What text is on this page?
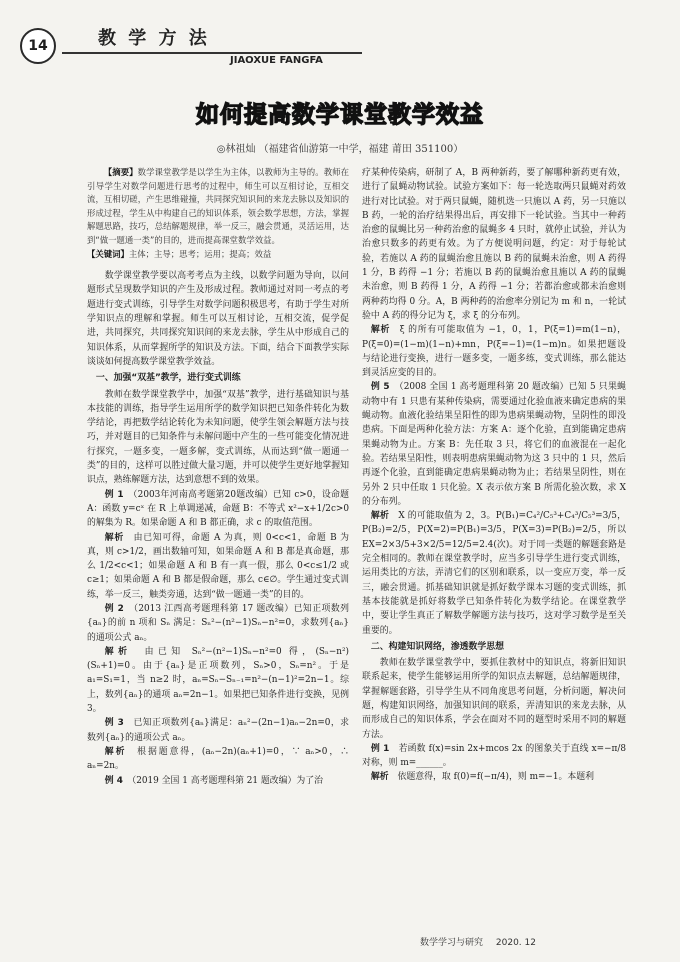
14	教 学 方 法
JIAOXUE FANGFA
如何提高数学课堂教学效益
◎林祖灿 （福建省仙游第一中学，福建 莆田 351100）

【摘要】数学课堂教学是以学生为主体，以教师为主导的。教师在引导学生对数学问题进行思考的过程中，师生可以互相讨论，互相交流，互相切磋，产生思维碰撞，共同探究知识间的来龙去脉以及知识的形成过程，学生从中构建自己的知识体系，领会数学思想，方法，掌握解题思路，技巧，总结解题规律，举一反三，融会贯通，灵活运用，达到“做一题通一类”的目的，进而提高课堂数学效益。

【关键词】主体；主导；思考；运用；提高；效益

数学课堂教学要以高考考点为主线，以数学问题为导向，以问题形式呈现数学知识的产生及形成过程。教师通过对同一考点的考题进行变式训练，引导学生对数学问题积极思考，有助于学生对所学知识点的理解和掌握。师生可以互相讨论，互相交流，促学促进，共同探究，共同探究知识间的来龙去脉，学生从中形成自己的知识体系，从而掌握所学的知识及方法。下面，结合下面教学实际谈谈如何提高数学课堂教学效益。

一、加强“双基”教学，进行变式训练

教师在数学课堂教学中，加强“双基”教学，进行基础知识与基本技能的训练，指导学生运用所学的数学知识把已知条件转化为数学结论，再把数学结论转化为未知问题，使学生领会解题方法与技巧，并对题目的已知条件与未解问题中产生的一些可能变化情况进行探究，一题多变，一题多解，变式训练，从而达到“做一题通一类”的目的，这样可以胜过做大量习题，并可以使学生更好地掌握知识点，熟练解题方法，达到意想不到的效果。

例 1　 （2003年河南高考题第20题改编）已知 c>0，设命题 A：函数 y=cˣ 在 R 上单调递减，命题 B：不等式 x²−x+1/2c>0 的解集为 R。如果命题 A 和 B 都正确，求 c 的取值范围。

解析　 由已知可得，命题 A 为真，则 0<c<1，命题 B 为真，则 c>1/2，画出数轴可知，如果命题 A 和 B 都是真命题，那么 1/2<c<1；如果命题 A 和 B 有一真一假，那么 0<c≤1/2 或 c≥1；如果命题 A 和 B 都是假命题，那么 c∈∅。学生通过变式训练，举一反三，触类旁通，达到“做一题通一类”的目的。

例 2　 （2013 江西高考题理科第 17 题改编）已知正项数列{aₙ}的前 n 项和 Sₙ 满足：Sₙ²−(n²−1)Sₙ−n²=0，求数列{aₙ}的通项公式 aₙ。

解析　 由已知 Sₙ²−(n²−1)Sₙ−n²=0 得，(Sₙ−n²)(Sₙ+1)=0。由于{aₙ}是正项数列，Sₙ>0，Sₙ=n²。于是 a₁=S₁=1，当 n≥2 时，aₙ=Sₙ−Sₙ₋₁=n²−(n−1)²=2n−1。综上，数列{aₙ}的通项 aₙ=2n−1。如果把已知条件进行变换，见例 3。

例 3　 已知正项数列{aₙ}满足：aₙ²−(2n−1)aₙ−2n=0，求数列{aₙ}的通项公式 aₙ。

解析　 根据题意得，(aₙ−2n)(aₙ+1)=0，∵ aₙ>0，∴ aₙ=2n。

例 4　 （2019 全国 1 高考题理科第 21 题改编）为了治

疗某种传染病，研制了 A，B 两种新药，要了解哪种新药更有效，进行了鼠蝇动物试验。试验方案如下：每一轮选取两只鼠蝇对药效进行对比试验。对于两只鼠蝇，随机选一只施以 A 药，另一只施以 B 药，一轮的治疗结果得出后，再安排下一轮试验。当其中一种药治愈的鼠蝇比另一种药治愈的鼠蝇多 4 只时，就停止试验，并认为治愈只数多的药更有效。为了方便说明问题，约定：对于每轮试验，若施以 A 药的鼠蝇治愈且施以 B 药的鼠蝇未治愈，则 A 药得 1 分，B 药得 −1 分；若施以 B 药的鼠蝇治愈且施以 A 药的鼠蝇未治愈，则 B 药得 1 分，A 药得 −1 分；若都治愈或都未治愈则两种药均得 0 分。A，B 两种药的治愈率分别记为 m 和 n，一轮试验中 A 药的得分记为 ξ，求 ξ 的分布列。

解析　 ξ 的所有可能取值为 −1，0，1，P(ξ=1)=m(1−n)，P(ξ=0)=(1−m)(1−n)+mn，P(ξ=−1)=(1−m)n。如果把题设与结论进行变换，进行一题多变，一题多练，变式训练，那么能达到灵活应变的目的。

例 5　 （2008 全国 1 高考题理科第 20 题改编）已知 5 只果蝇动物中有 1 只患有某种传染病，需要通过化验血液来确定患病的果蝇动物。血液化验结果呈阳性的即为患病果蝇动物，呈阴性的即没患病。下面是两种化验方法：方案 A：逐个化验，直到能确定患病果蝇动物为止。方案 B：先任取 3 只，将它们的血液混在一起化验。若结果呈阳性，则表明患病果蝇动物为这 3 只中的 1 只，然后再逐个化验，直到能确定患病果蝇动物为止；若结果呈阴性，则在另外 2 只中任取 1 只化验。X 表示依方案 B 所需化验次数，求 X 的分布列。

解析　 X 的可能取值为 2，3。P(B₁)=C₄²/C₅³+C₄³/C₅³=3/5，P(B₂)=2/5，P(X=2)=P(B₁)=3/5，P(X=3)=P(B₂)=2/5，所以 EX=2×3/5+3×2/5=12/5=2.4(次)。对于同一类题的解题套路是完全相同的。教师在课堂教学时，应当多引导学生进行变式训练，运用类比的方法，弄清它们的区别和联系，以一变应万变，举一反三，融会贯通。抓基础知识就是抓好数学课本习题的变式训练，抓基本技能就是抓好将数学已知条件转化为数学结论。在课堂教学中，要让学生真正了解数学解题方法与技巧，这对学习数学是至关重要的。

二、构建知识网络，渗透数学思想

教师在数学课堂教学中，要抓住教材中的知识点，将新旧知识联系起来，使学生能够运用所学的知识点去解题，总结解题规律，掌握解题套路，引导学生从不同角度思考问题，分析问题，解决问题，构建知识网络，加强知识间的联系，弄清知识的来龙去脉，从而形成自己的知识体系，学会在面对不同的题型时采用不同的解题方法。

例 1　 若函数 f(x)=sin 2x+mcos 2x 的图象关于直线 x=−π/8 对称，则 m=______。

解析　 依题意得，取 f(0)=f(−π/4)，则 m=−1。本题利

数学学习与研究 2020. 12
